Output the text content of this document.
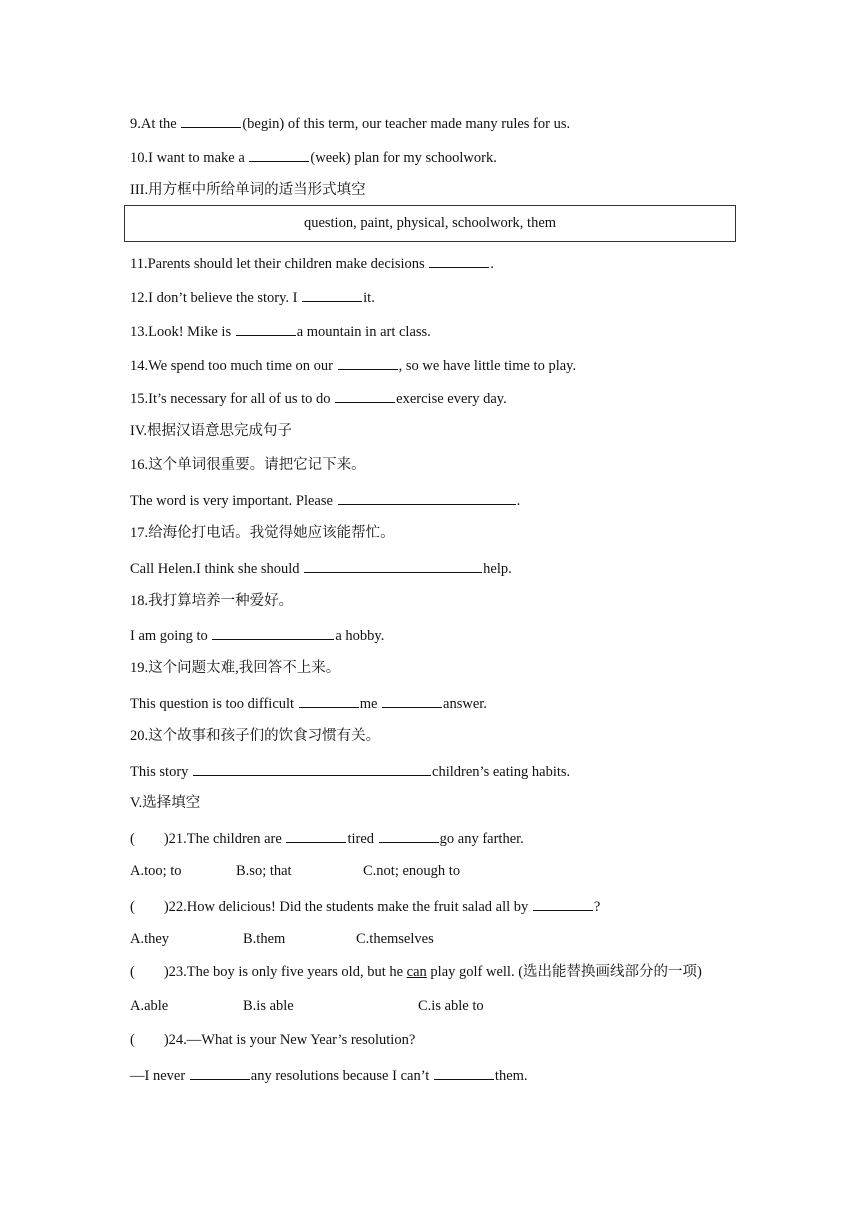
9.At the	(begin) of this term, our teacher made many rules for us.
10.I want to make a	(week) plan for my schoolwork.
III.用方框中所给单词的适当形式填空
question, paint, physical, schoolwork, them
11.Parents should let their children make decisions	.
12.I don’t believe the story. I	it.
13.Look! Mike is	a mountain in art class.
14.We spend too much time on our	, so we have little time to play.
15.It’s necessary for all of us to do	exercise every day.
IV.根据汉语意思完成句子
16.这个单词很重要。请把它记下来。
The word is very important. Please	.
17.给海伦打电话。我觉得她应该能帮忙。
Call Helen.I think she should	help.
18.我打算培养一种爱好。
I am going to	a hobby.
19.这个问题太难,我回答不上来。
This question is too difficult	me	answer.
20.这个故事和孩子们的饮食习惯有关。
This story	children’s eating habits.
V.选择填空
(        )21.The children are	tired	go any farther.
A.too; to	B.so; that	C.not; enough to
(        )22.How delicious! Did the students make the fruit salad all by	?
A.they	B.them	C.themselves
(        )23.The boy is only five years old, but he can play golf well. (选出能替换画线部分的一项)
A.able	B.is able	C.is able to
(        )24.—What is your New Year’s resolution?
—I never	any resolutions because I can’t	them.
